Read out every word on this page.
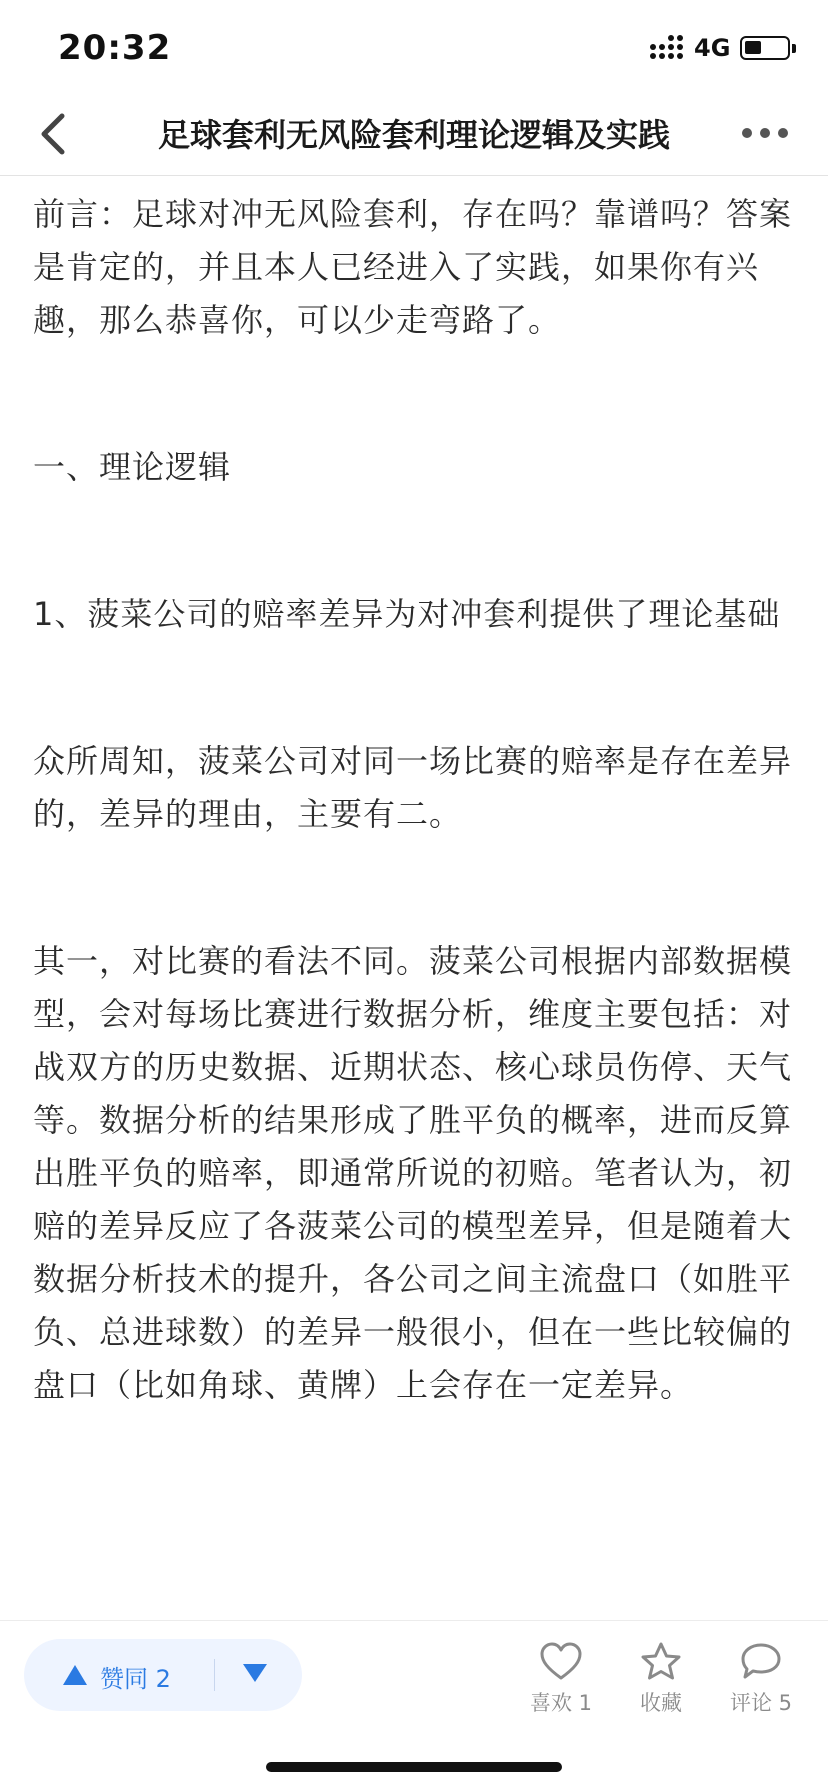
20:32	4G
足球套利无风险套利理论逻辑及实践

前言：足球对冲无风险套利，存在吗？靠谱吗？答案是肯定的，并且本人已经进入了实践，如果你有兴趣，那么恭喜你，可以少走弯路了。

一、理论逻辑

1、菠菜公司的赔率差异为对冲套利提供了理论基础

众所周知，菠菜公司对同一场比赛的赔率是存在差异的，差异的理由，主要有二。

其一，对比赛的看法不同。菠菜公司根据内部数据模型，会对每场比赛进行数据分析，维度主要包括：对战双方的历史数据、近期状态、核心球员伤停、天气等。数据分析的结果形成了胜平负的概率，进而反算出胜平负的赔率，即通常所说的初赔。笔者认为，初赔的差异反应了各菠菜公司的模型差异，但是随着大数据分析技术的提升，各公司之间主流盘口（如胜平负、总进球数）的差异一般很小，但在一些比较偏的盘口（比如角球、黄牌）上会存在一定差异。

赞同 2
喜欢 1	收藏	评论 5
